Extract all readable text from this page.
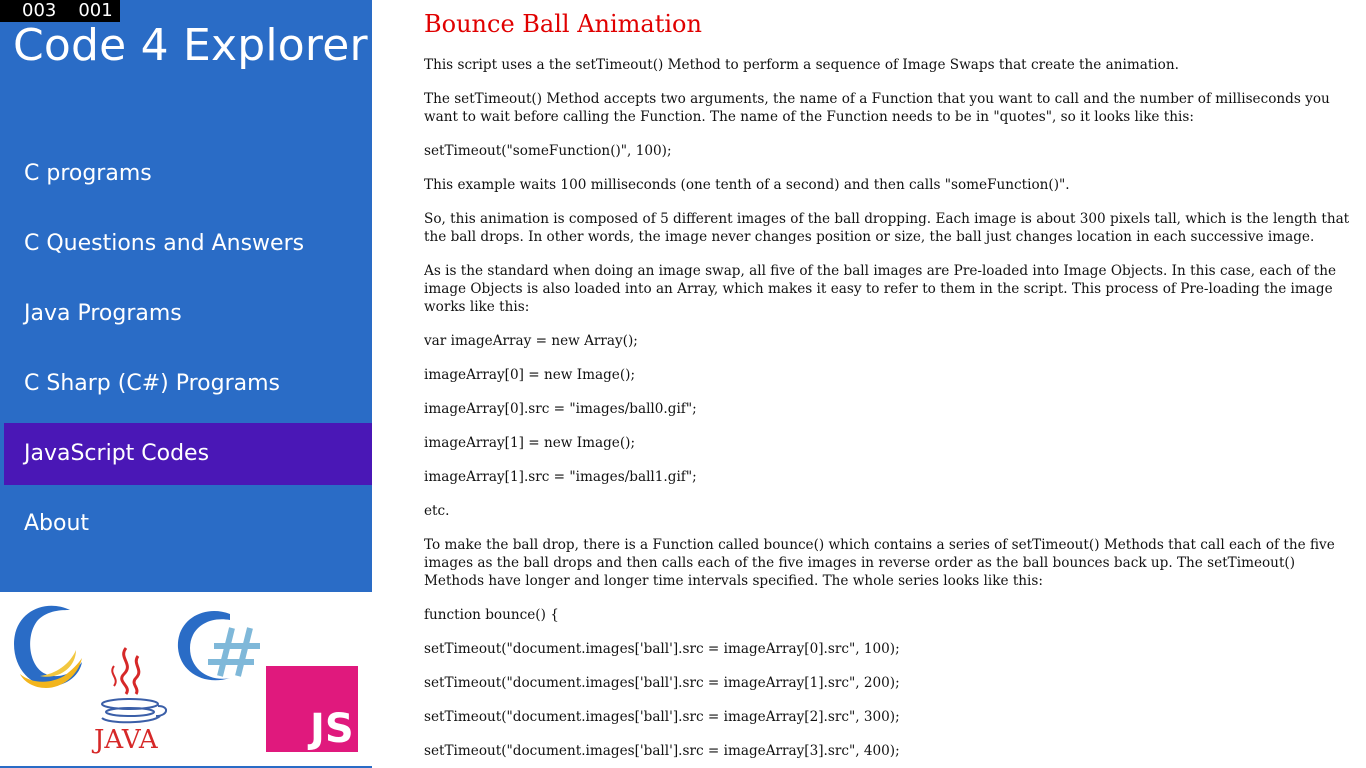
003 001
Code 4 Explorer
C programs
C Questions and Answers
Java Programs
C Sharp (C#) Programs
JavaScript Codes
About
JAVA	JS
Bounce Ball Animation

This script uses a the setTimeout() Method to perform a sequence of Image Swaps that create the animation.

The setTimeout() Method accepts two arguments, the name of a Function that you want to call and the number of milliseconds you want to wait before calling the Function. The name of the Function needs to be in "quotes", so it looks like this:

setTimeout("someFunction()", 100);

This example waits 100 milliseconds (one tenth of a second) and then calls "someFunction()".

So, this animation is composed of 5 different images of the ball dropping. Each image is about 300 pixels tall, which is the length that the ball drops. In other words, the image never changes position or size, the ball just changes location in each successive image.

As is the standard when doing an image swap, all five of the ball images are Pre-loaded into Image Objects. In this case, each of the image Objects is also loaded into an Array, which makes it easy to refer to them in the script. This process of Pre-loading the image works like this:

var imageArray = new Array();

imageArray[0] = new Image();

imageArray[0].src = "images/ball0.gif";

imageArray[1] = new Image();

imageArray[1].src = "images/ball1.gif";

etc.

To make the ball drop, there is a Function called bounce() which contains a series of setTimeout() Methods that call each of the five images as the ball drops and then calls each of the five images in reverse order as the ball bounces back up. The setTimeout() Methods have longer and longer time intervals specified. The whole series looks like this:

function bounce() {

setTimeout("document.images['ball'].src = imageArray[0].src", 100);

setTimeout("document.images['ball'].src = imageArray[1].src", 200);

setTimeout("document.images['ball'].src = imageArray[2].src", 300);

setTimeout("document.images['ball'].src = imageArray[3].src", 400);
